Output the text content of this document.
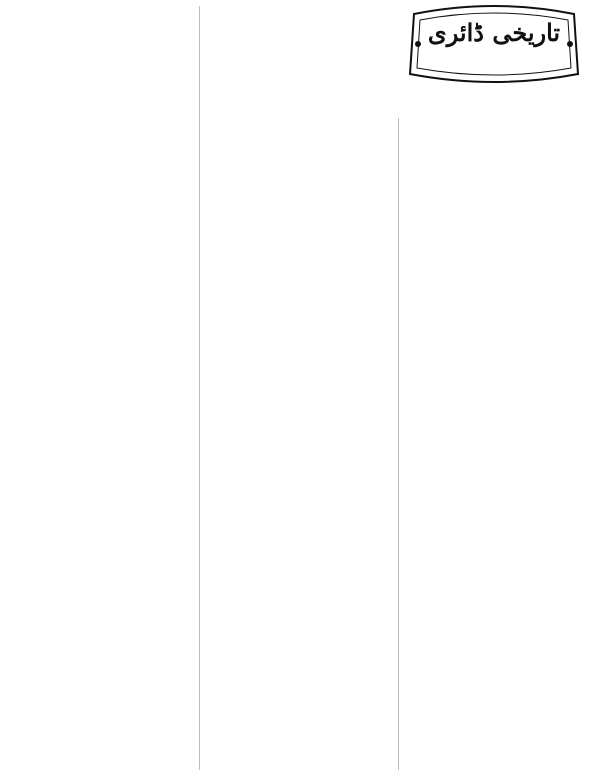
تاریخی ڈائری
